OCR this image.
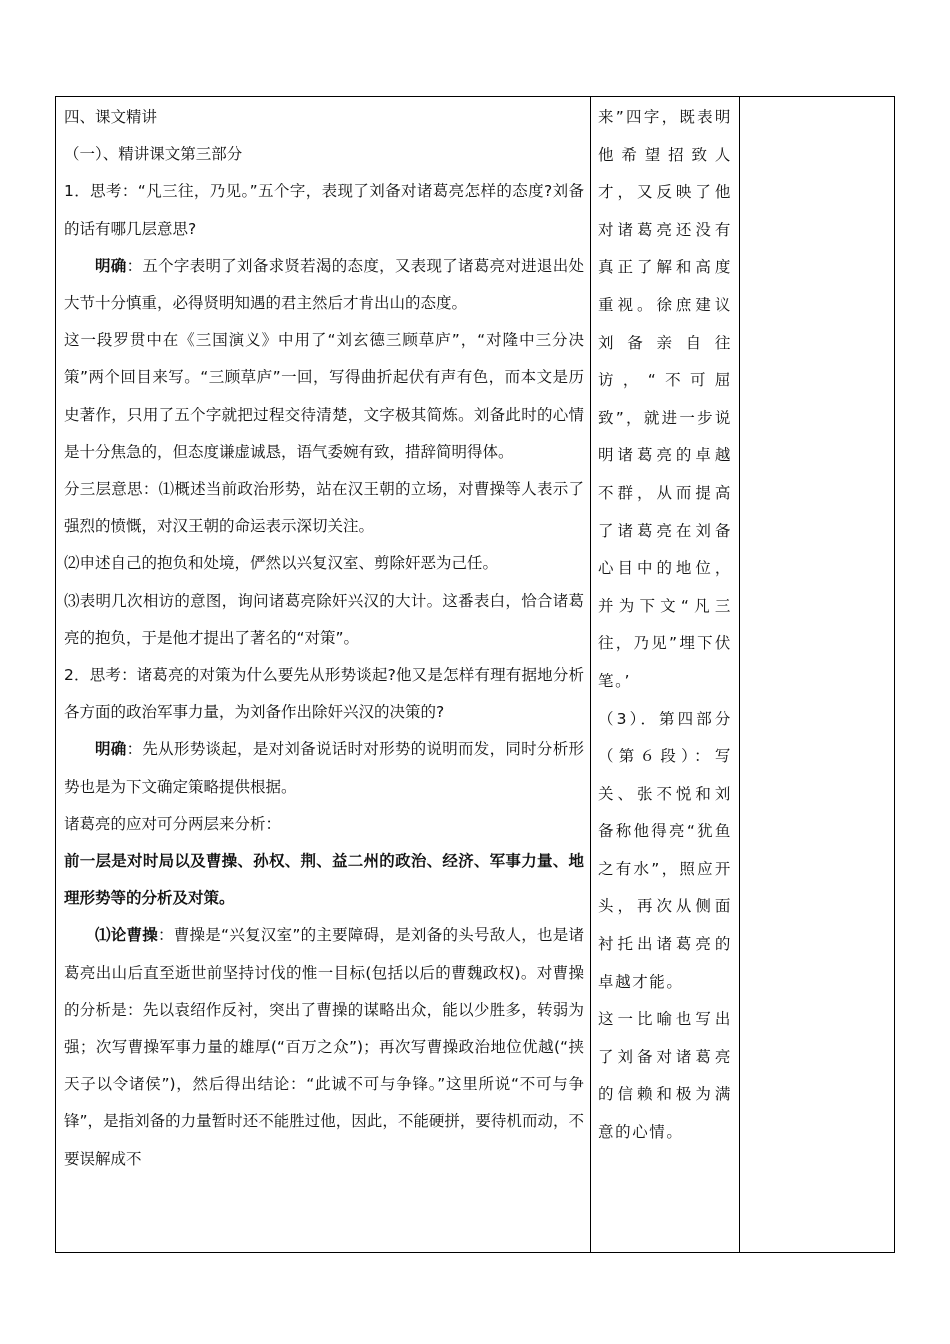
四、课文精讲

（一）、精讲课文第三部分

1．思考：“凡三往，乃见。”五个字，表现了刘备对诸葛亮怎样的态度?刘备的话有哪几层意思?

明确：五个字表明了刘备求贤若渴的态度，又表现了诸葛亮对进退出处大节十分慎重，必得贤明知遇的君主然后才肯出山的态度。

这一段罗贯中在《三国演义》中用了“刘玄德三顾草庐”，“对隆中三分决策”两个回目来写。“三顾草庐”一回，写得曲折起伏有声有色，而本文是历史著作，只用了五个字就把过程交待清楚，文字极其简炼。刘备此时的心情是十分焦急的，但态度谦虚诚恳，语气委婉有致，措辞简明得体。

分三层意思：⑴概述当前政治形势，站在汉王朝的立场，对曹操等人表示了强烈的愤慨，对汉王朝的命运表示深切关注。

⑵申述自己的抱负和处境，俨然以兴复汉室、剪除奸恶为己任。

⑶表明几次相访的意图，询问诸葛亮除奸兴汉的大计。这番表白，恰合诸葛亮的抱负，于是他才提出了著名的“对策”。

2．思考：诸葛亮的对策为什么要先从形势谈起?他又是怎样有理有据地分析各方面的政治军事力量，为刘备作出除奸兴汉的决策的?

明确：先从形势谈起，是对刘备说话时对形势的说明而发，同时分析形势也是为下文确定策略提供根据。

诸葛亮的应对可分两层来分析：

前一层是对时局以及曹操、孙权、荆、益二州的政治、经济、军事力量、地理形势等的分析及对策。

⑴论曹操：曹操是“兴复汉室”的主要障碍，是刘备的头号敌人，也是诸葛亮出山后直至逝世前坚持讨伐的惟一目标(包括以后的曹魏政权)。对曹操的分析是：先以袁绍作反衬，突出了曹操的谋略出众，能以少胜多，转弱为强；次写曹操军事力量的雄厚(“百万之众”)；再次写曹操政治地位优越(“挟天子以令诸侯”)，然后得出结论：“此诚不可与争锋。”这里所说“不可与争锋”，是指刘备的力量暂时还不能胜过他，因此，不能硬拼，要待机而动，不要误解成不

来”四字，既表明他希望招致人才，又反映了他对诸葛亮还没有真正了解和高度重视。徐庶建议刘备亲自往访，“不可屈致”，就进一步说明诸葛亮的卓越不群，从而提高了诸葛亮在刘备心目中的地位，并为下文“凡三往，乃见”埋下伏笔。’

（3）．第四部分（第６段）：写关、张不悦和刘备称他得亮“犹鱼之有水”，照应开头，再次从侧面衬托出诸葛亮的卓越才能。

这一比喻也写出了刘备对诸葛亮的信赖和极为满意的心情。
